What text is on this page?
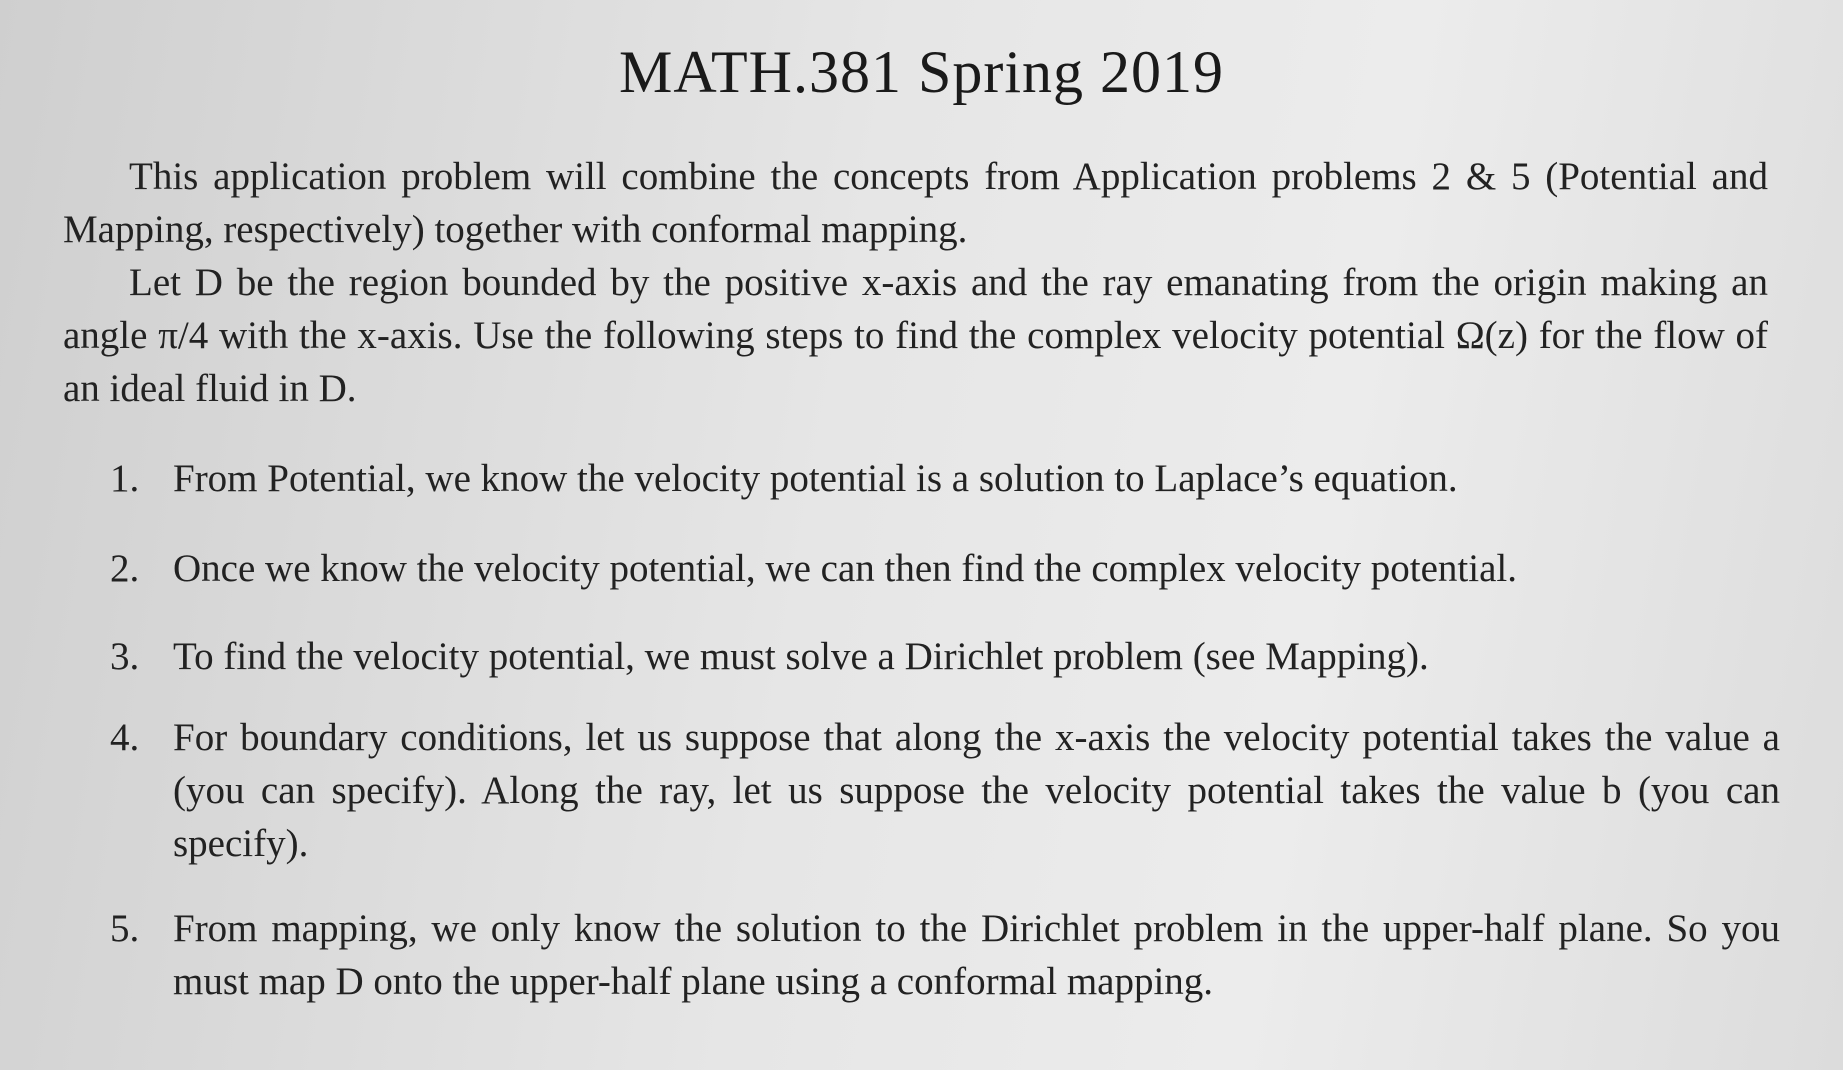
MATH.381 Spring 2019
This application problem will combine the concepts from Application problems 2 & 5 (Potential and Mapping, respectively) together with conformal mapping.
Let D be the region bounded by the positive x-axis and the ray emanating from the origin making an angle π/4 with the x-axis. Use the following steps to find the complex velocity potential Ω(z) for the flow of an ideal fluid in D.
1. From Potential, we know the velocity potential is a solution to Laplace’s equation.
2. Once we know the velocity potential, we can then find the complex velocity potential.
3. To find the velocity potential, we must solve a Dirichlet problem (see Mapping).
4. For boundary conditions, let us suppose that along the x-axis the velocity potential takes the value a (you can specify). Along the ray, let us suppose the velocity potential takes the value b (you can specify).
5. From mapping, we only know the solution to the Dirichlet problem in the upper-half plane. So you must map D onto the upper-half plane using a conformal mapping.
